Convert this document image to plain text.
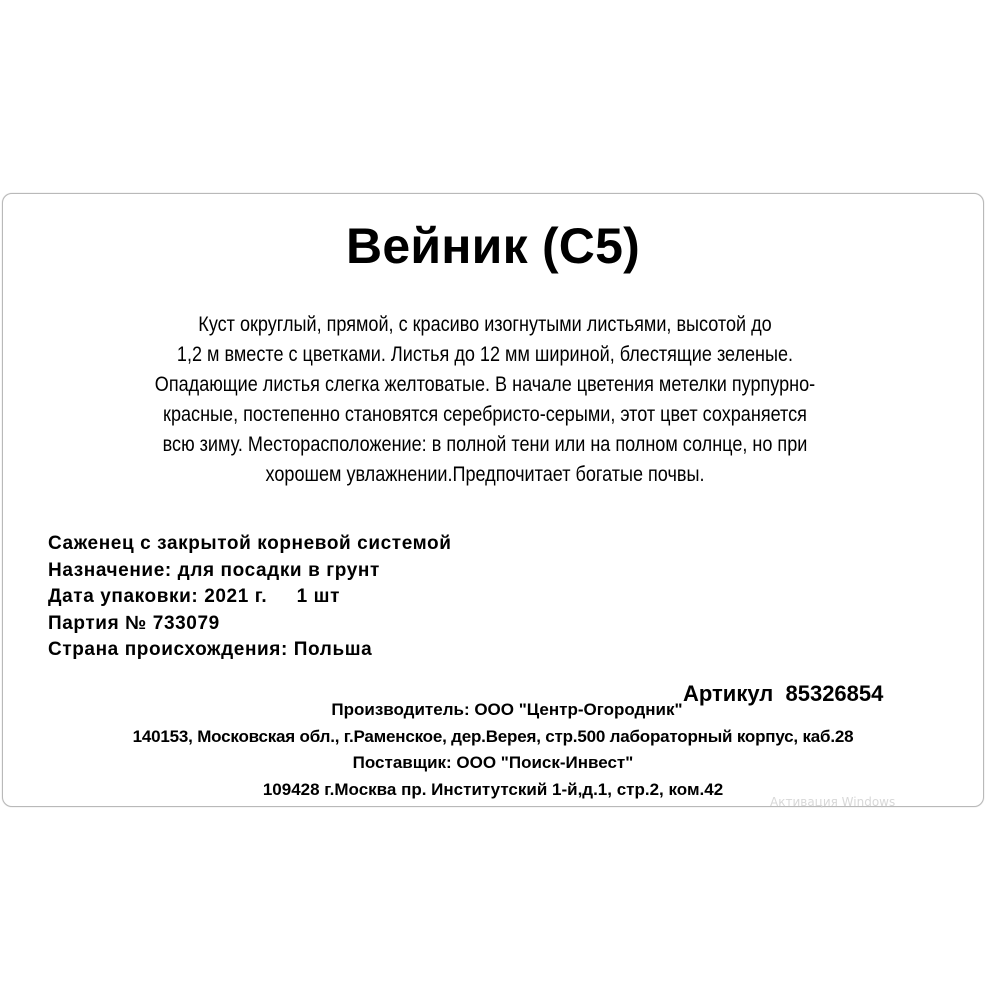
Вейник (С5)
Куст округлый, прямой, с красиво изогнутыми листьями, высотой до
1,2 м вместе с цветками. Листья до 12 мм шириной, блестящие зеленые.
Опадающие листья слегка желтоватые. В начале цветения метелки пурпурно-
красные, постепенно становятся серебристо-серыми, этот цвет сохраняется
всю зиму. Месторасположение: в полной тени или на полном солнце, но при
хорошем увлажнении.Предпочитает богатые почвы.
Саженец с закрытой корневой системой
Назначение: для посадки в грунт
Дата упаковки: 2021 г.     1 шт
Партия № 733079
Страна происхождения: Польша
Артикул  85326854
Производитель: ООО "Центр-Огородник"
140153, Московская обл., г.Раменское, дер.Верея, стр.500 лабораторный корпус, каб.28
Поставщик: ООО "Поиск-Инвест"
109428 г.Москва пр. Институтский 1-й,д.1, стр.2, ком.42
Активация Windows
